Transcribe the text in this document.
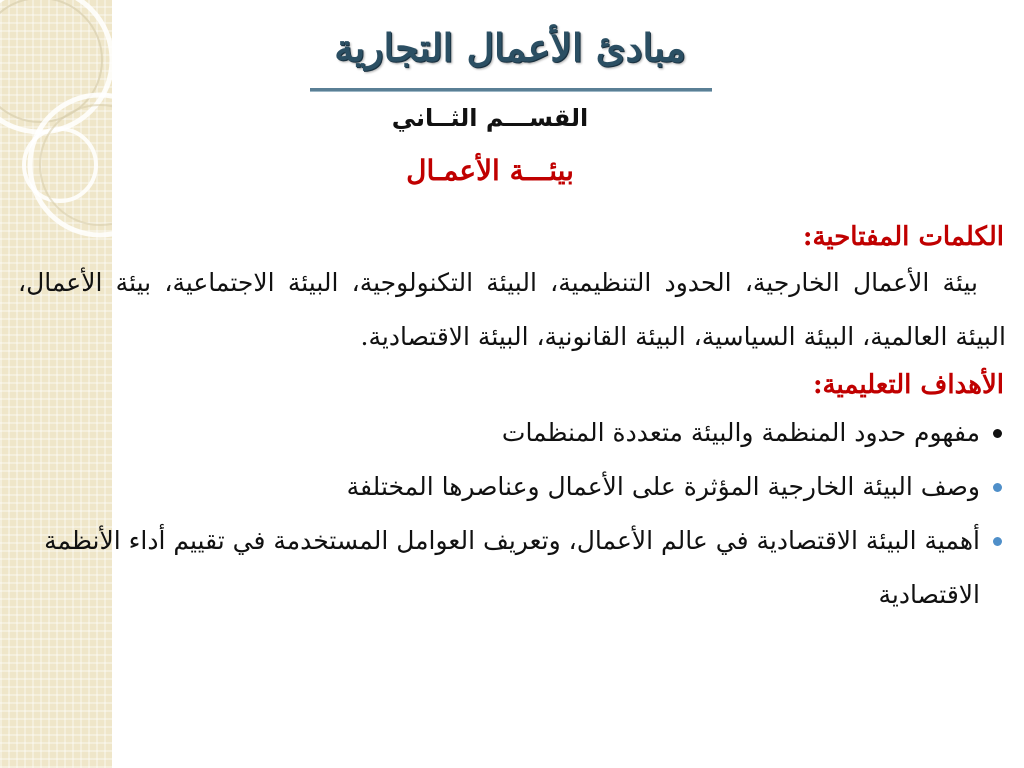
مبادئ الأعمال التجارية
القســـم الثــاني
بيئـــة الأعمـال

الكلمات المفتاحية:

بيئة الأعمال الخارجية، الحدود التنظيمية، البيئة التكنولوجية، البيئة الاجتماعية، بيئة الأعمال، البيئة العالمية، البيئة السياسية، البيئة القانونية، البيئة الاقتصادية.

الأهداف التعليمية:

مفهوم حدود المنظمة والبيئة متعددة المنظمات
وصف البيئة الخارجية المؤثرة على الأعمال وعناصرها المختلفة
أهمية البيئة الاقتصادية في عالم الأعمال، وتعريف العوامل المستخدمة في تقييم أداء الأنظمة الاقتصادية
